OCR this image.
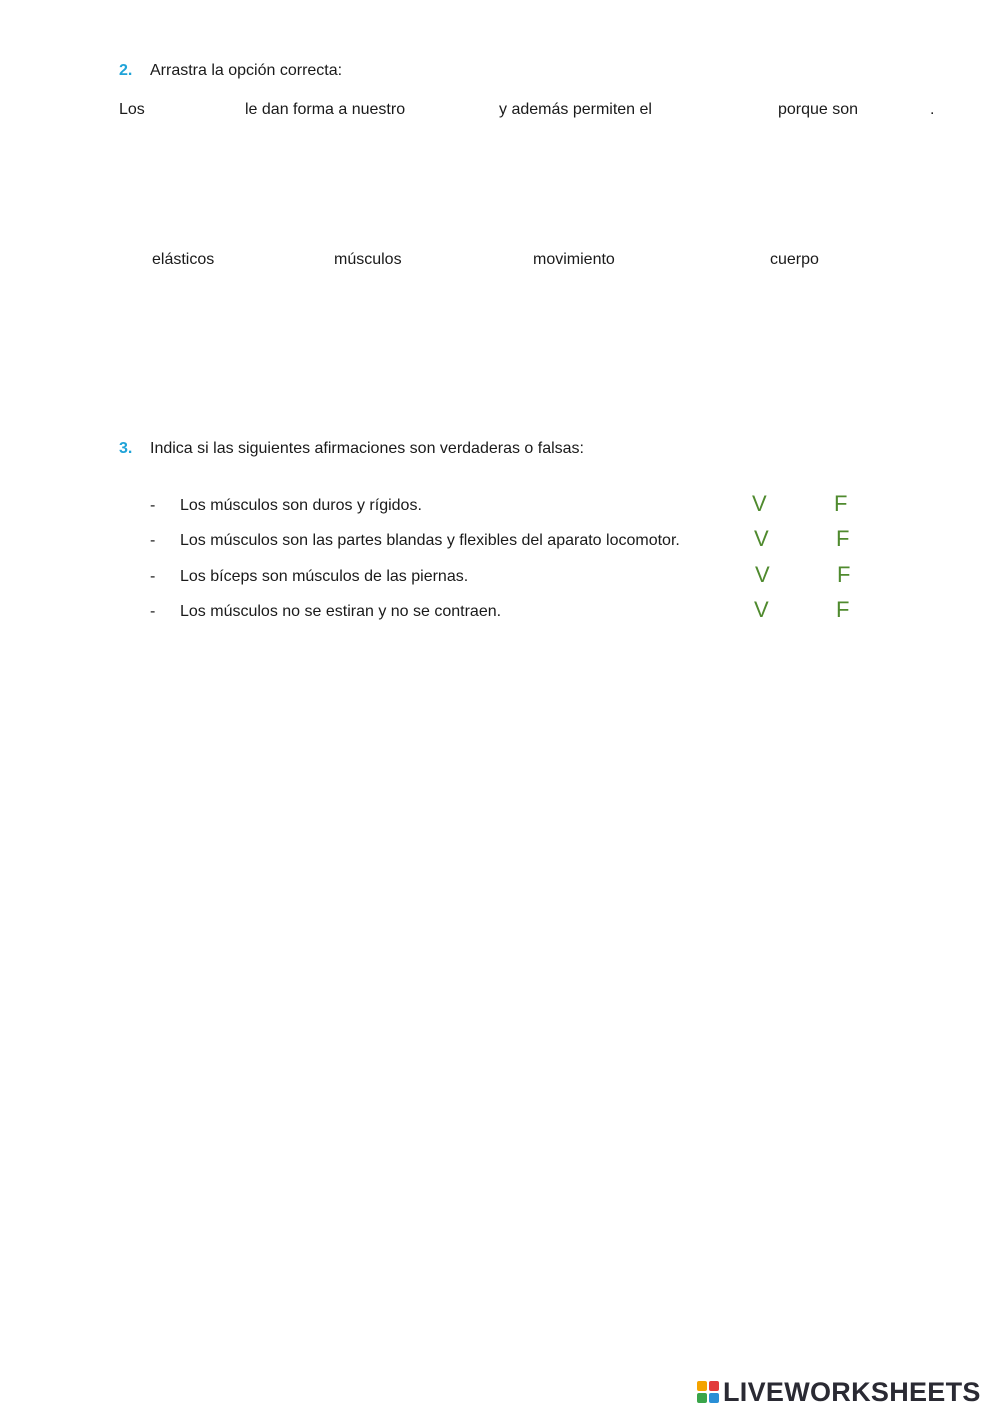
2. Arrastra la opción correcta:
Los	le dan forma a nuestro	y además permiten el	porque son	.
elásticos	músculos	movimiento	cuerpo
3. Indica si las siguientes afirmaciones son verdaderas o falsas:
- Los músculos son duros y rígidos.	V	F
- Los músculos son las partes blandas y flexibles del aparato locomotor.	V	F
- Los bíceps son músculos de las piernas.	V	F
- Los músculos no se estiran y no se contraen.	V	F
LIVEWORKSHEETS
